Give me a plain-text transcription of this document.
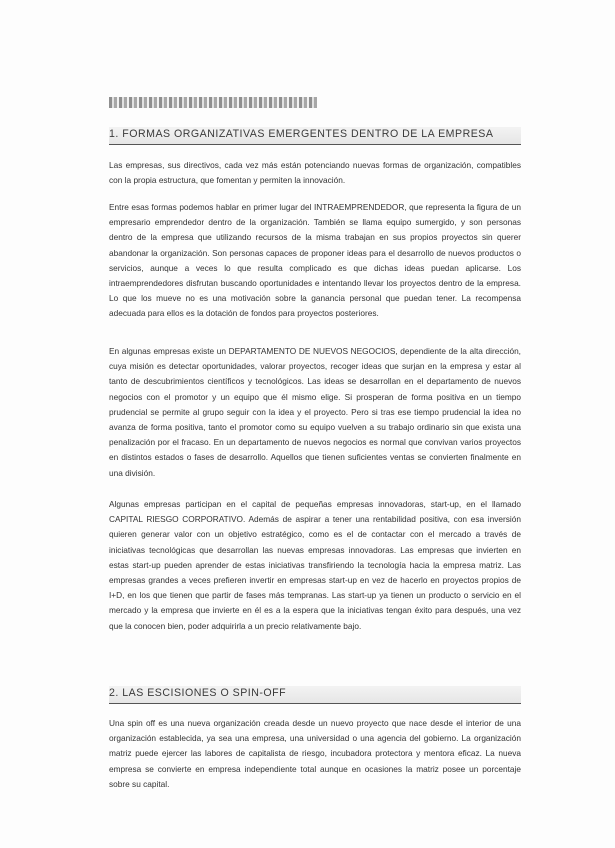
1. FORMAS ORGANIZATIVAS EMERGENTES DENTRO DE LA EMPRESA

Las empresas, sus directivos, cada vez más están potenciando nuevas formas de organización, compatibles con la propia estructura, que fomentan y permiten la innovación.

Entre esas formas podemos hablar en primer lugar del INTRAEMPRENDEDOR, que representa la figura de un empresario emprendedor dentro de la organización. También se llama equipo sumergido, y son personas dentro de la empresa que utilizando recursos de la misma trabajan en sus propios proyectos sin querer abandonar la organización. Son personas capaces de proponer ideas para el desarrollo de nuevos productos o servicios, aunque a veces lo que resulta complicado es que dichas ideas puedan aplicarse. Los intraemprendedores disfrutan buscando oportunidades e intentando llevar los proyectos dentro de la empresa. Lo que los mueve no es una motivación sobre la ganancia personal que puedan tener. La recompensa adecuada para ellos es la dotación de fondos para proyectos posteriores.

En algunas empresas existe un DEPARTAMENTO DE NUEVOS NEGOCIOS, dependiente de la alta dirección, cuya misión es detectar oportunidades, valorar proyectos, recoger ideas que surjan en la empresa y estar al tanto de descubrimientos científicos y tecnológicos. Las ideas se desarrollan en el departamento de nuevos negocios con el promotor y un equipo que él mismo elige. Si prosperan de forma positiva en un tiempo prudencial se permite al grupo seguir con la idea y el proyecto. Pero si tras ese tiempo prudencial la idea no avanza de forma positiva, tanto el promotor como su equipo vuelven a su trabajo ordinario sin que exista una penalización por el fracaso. En un departamento de nuevos negocios es normal que convivan varios proyectos en distintos estados o fases de desarrollo. Aquellos que tienen suficientes ventas se convierten finalmente en una división.

Algunas empresas participan en el capital de pequeñas empresas innovadoras, start-up, en el llamado CAPITAL RIESGO CORPORATIVO. Además de aspirar a tener una rentabilidad positiva, con esa inversión quieren generar valor con un objetivo estratégico, como es el de contactar con el mercado a través de iniciativas tecnológicas que desarrollan las nuevas empresas innovadoras. Las empresas que invierten en estas start-up pueden aprender de estas iniciativas transfiriendo la tecnología hacia la empresa matriz. Las empresas grandes a veces prefieren invertir en empresas start-up en vez de hacerlo en proyectos propios de I+D, en los que tienen que partir de fases más tempranas. Las start-up ya tienen un producto o servicio en el mercado y la empresa que invierte en él es a la espera que la iniciativas tengan éxito para después, una vez que la conocen bien, poder adquirirla a un precio relativamente bajo.

2. LAS ESCISIONES O SPIN-OFF

Una spin off es una nueva organización creada desde un nuevo proyecto que nace desde el interior de una organización establecida, ya sea una empresa, una universidad o una agencia del gobierno. La organización matriz puede ejercer las labores de capitalista de riesgo, incubadora protectora y mentora eficaz. La nueva empresa se convierte en empresa independiente total aunque en ocasiones la matriz posee un porcentaje sobre su capital.
